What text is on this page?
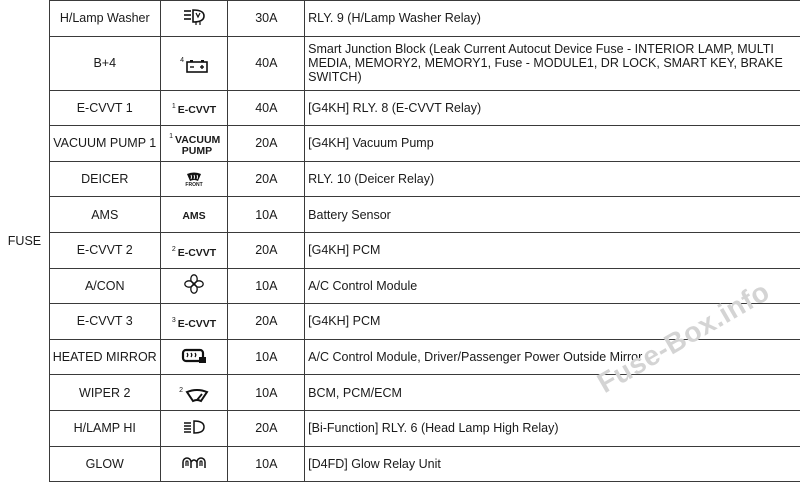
FUSE	H/Lamp Washer		30A	RLY. 9 (H/Lamp Washer Relay)
	B+4	4	40A	Smart Junction Block (Leak Current Autocut Device Fuse - INTERIOR LAMP, MULTI MEDIA, MEMORY2, MEMORY1, Fuse - MODULE1, DR LOCK, SMART KEY, BRAKE SWITCH)
	E-CVVT 1	1 E-CVVT	40A	[G4KH] RLY. 8 (E-CVVT Relay)
	VACUUM PUMP 1	1 VACUUM PUMP	20A	[G4KH] Vacuum Pump
	DEICER	FRONT	20A	RLY. 10 (Deicer Relay)
	AMS	AMS	10A	Battery Sensor
	E-CVVT 2	2 E-CVVT	20A	[G4KH] PCM
	A/CON		10A	A/C Control Module
	E-CVVT 3	3 E-CVVT	20A	[G4KH] PCM
	HEATED MIRROR		10A	A/C Control Module, Driver/Passenger Power Outside Mirror
	WIPER 2	2	10A	BCM, PCM/ECM
	H/LAMP HI		20A	[Bi-Function] RLY. 6 (Head Lamp High Relay)
	GLOW		10A	[D4FD] Glow Relay Unit
Fuse-Box.info
